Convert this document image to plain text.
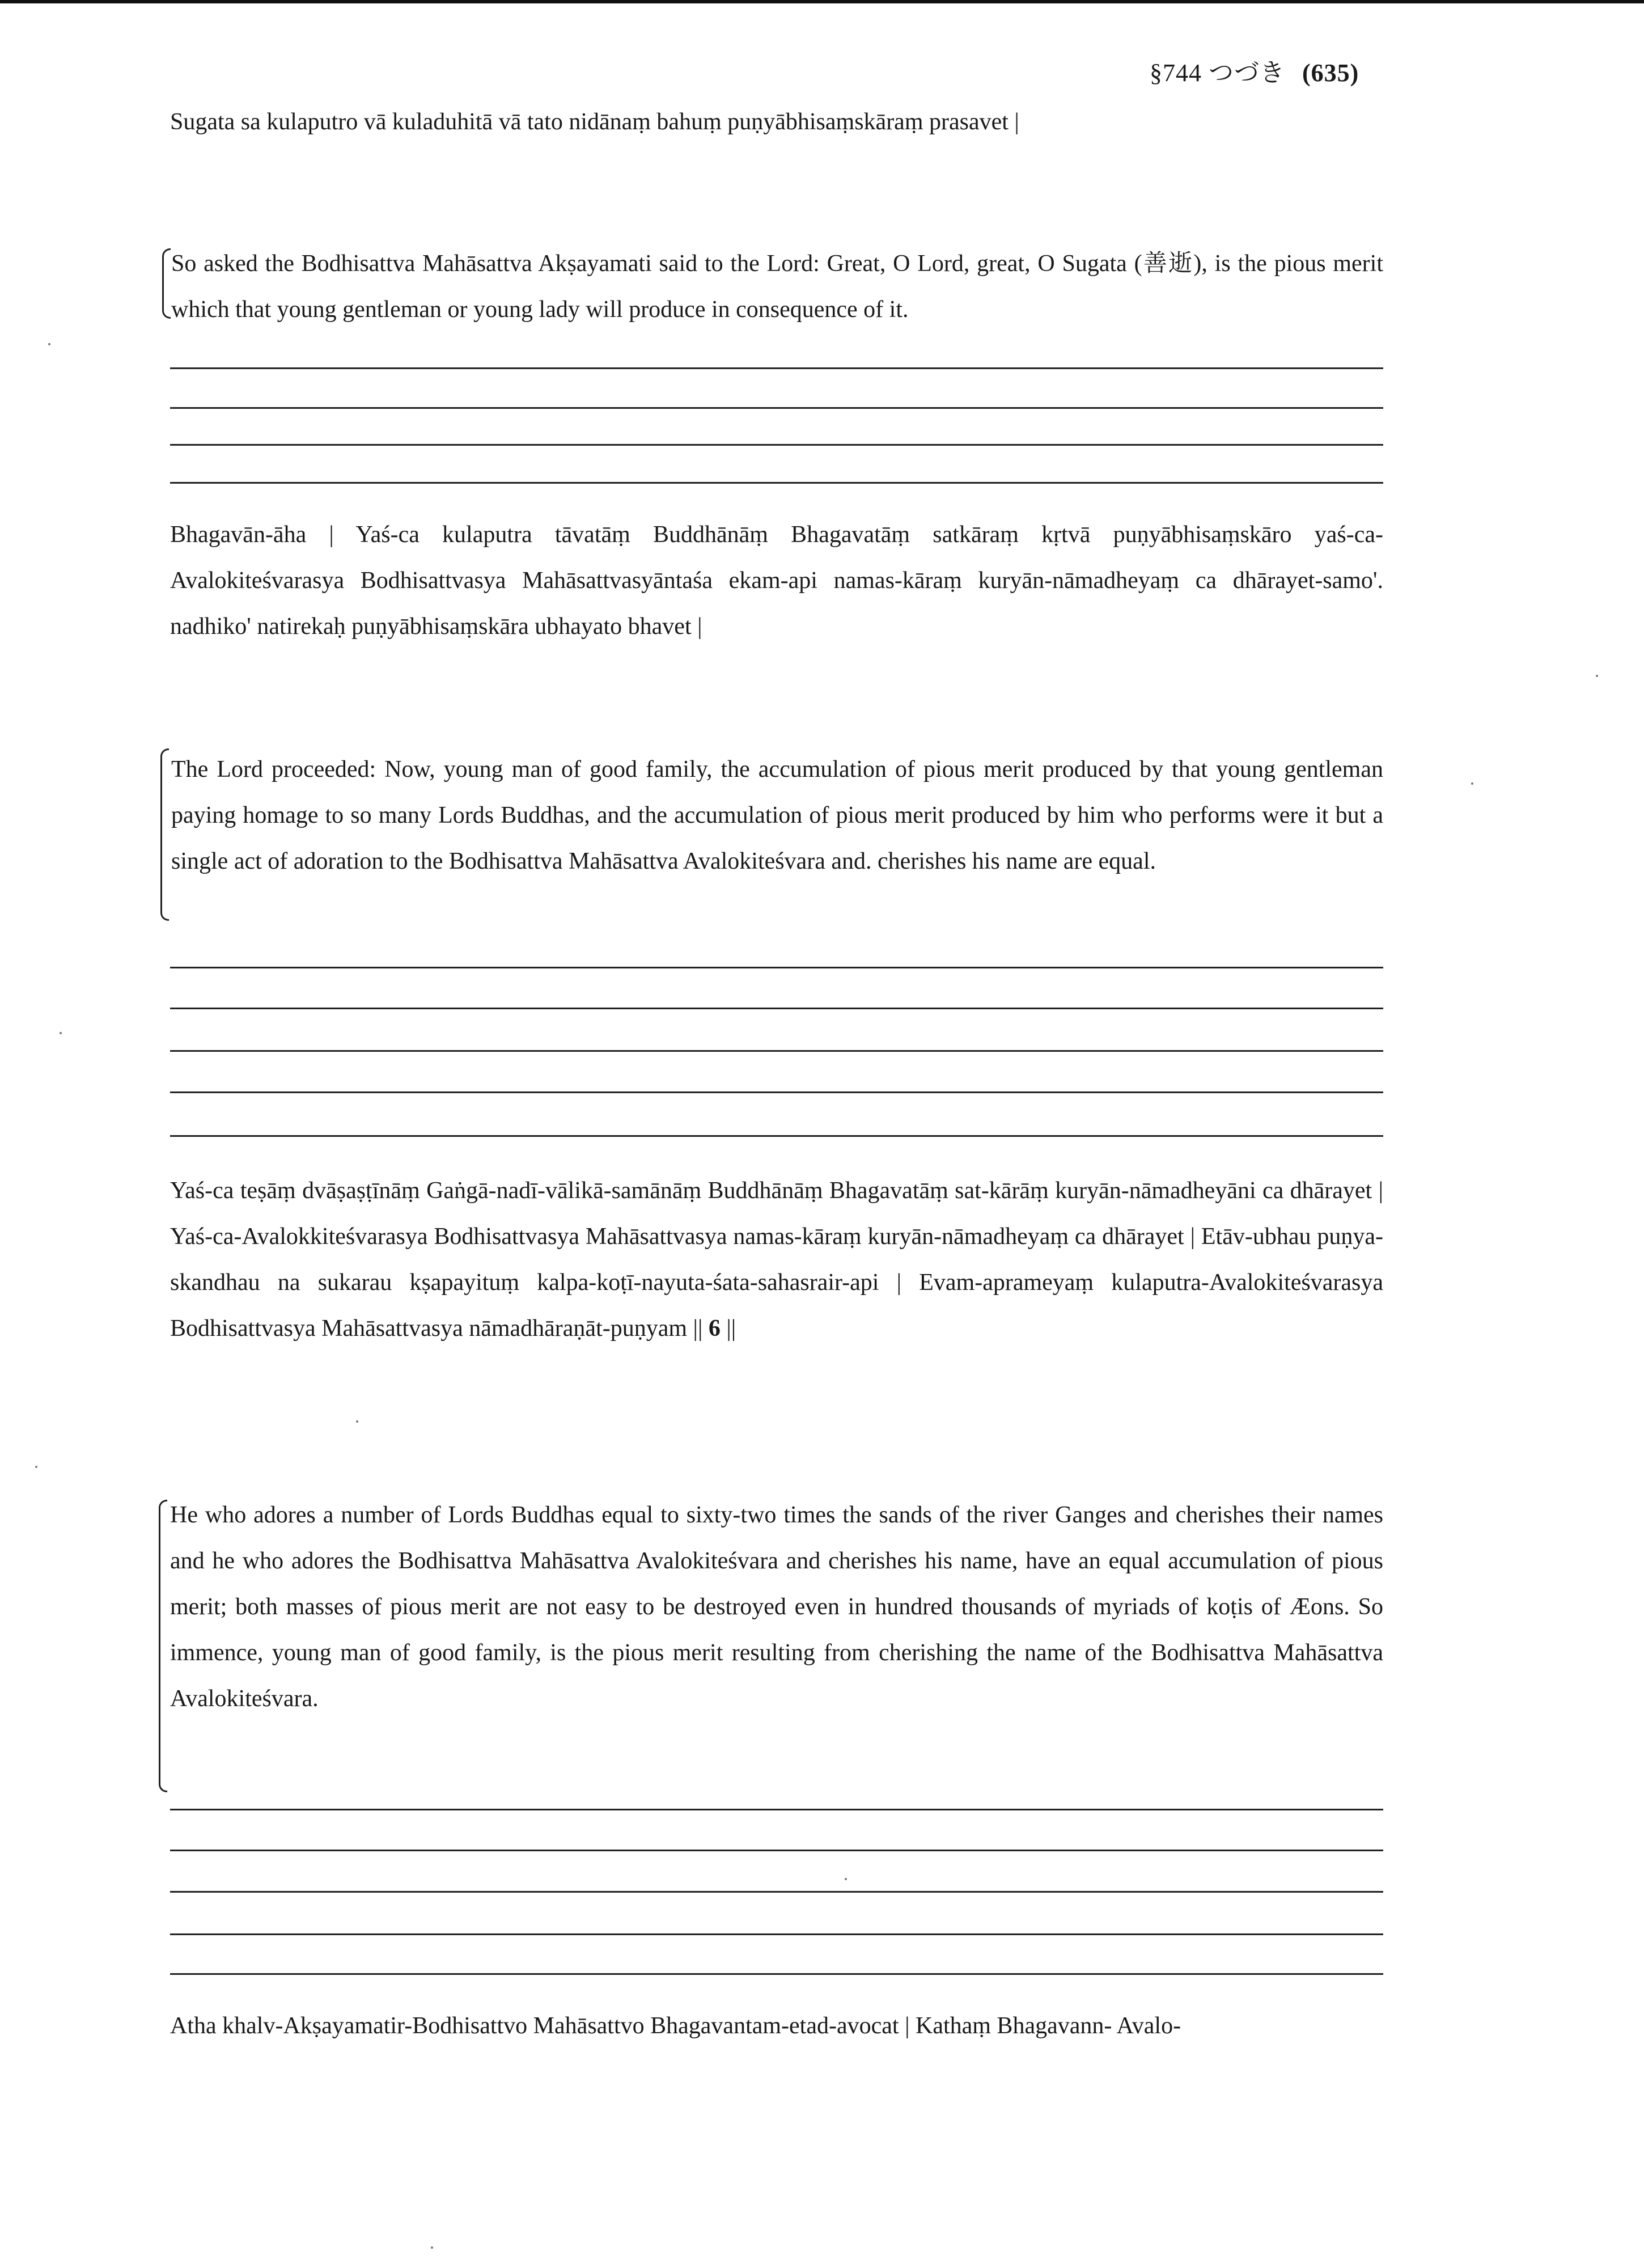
§744 つづき (635)
Sugata sa kulaputro vā kuladuhitā vā tato nidānaṃ bahuṃ puṇyābhisaṃskāraṃ prasavet |
So asked the Bodhisattva Mahāsattva Akṣayamati said to the Lord: Great, O Lord, great, O Sugata (善逝), is the pious merit which that young gentleman or young lady will produce in consequence of it.
Bhagavān-āha | Yaś-ca kulaputra tāvatāṃ Buddhānāṃ Bhagavatāṃ satkāraṃ kṛtvā puṇyābhisaṃskāro yaś-ca-Avalokiteśvarasya Bodhisattvasya Mahāsattvasyāntaśa ekam-api namas-kāraṃ kuryān-nāmadheyaṃ ca dhārayet-samo'. nadhiko' natirekaḥ puṇyābhisaṃskāra ubhayato bhavet |
The Lord proceeded: Now, young man of good family, the accumulation of pious merit produced by that young gentleman paying homage to so many Lords Buddhas, and the accumulation of pious merit produced by him who performs were it but a single act of adoration to the Bodhisattva Mahāsattva Avalokiteśvara and. cherishes his name are equal.
Yaś-ca teṣāṃ dvāṣaṣṭīnāṃ Gaṅgā-nadī-vālikā-samānāṃ Buddhānāṃ Bhagavatāṃ sat-kārāṃ kuryān-nāmadheyāni ca dhārayet | Yaś-ca-Avalokkiteśvarasya Bodhisattvasya Mahāsattvasya namas-kāraṃ kuryān-nāmadheyaṃ ca dhārayet | Etāv-ubhau puṇya-skandhau na sukarau kṣapayituṃ kalpa-koṭī-nayuta-śata-sahasrair-api | Evam-aprameyaṃ kulaputra-Avalokiteśvarasya Bodhisattvasya Mahāsattvasya nāmadhāraṇāt-puṇyam || 6 ||
He who adores a number of Lords Buddhas equal to sixty-two times the sands of the river Ganges and cherishes their names and he who adores the Bodhisattva Mahāsattva Avalokiteśvara and cherishes his name, have an equal accumulation of pious merit; both masses of pious merit are not easy to be destroyed even in hundred thousands of myriads of koṭis of Æons. So immence, young man of good family, is the pious merit resulting from cherishing the name of the Bodhisattva Mahāsattva Avalokiteśvara.
Atha khalv-Akṣayamatir-Bodhisattvo Mahāsattvo Bhagavantam-etad-avocat | Kathaṃ Bhagavann- Avalo-
